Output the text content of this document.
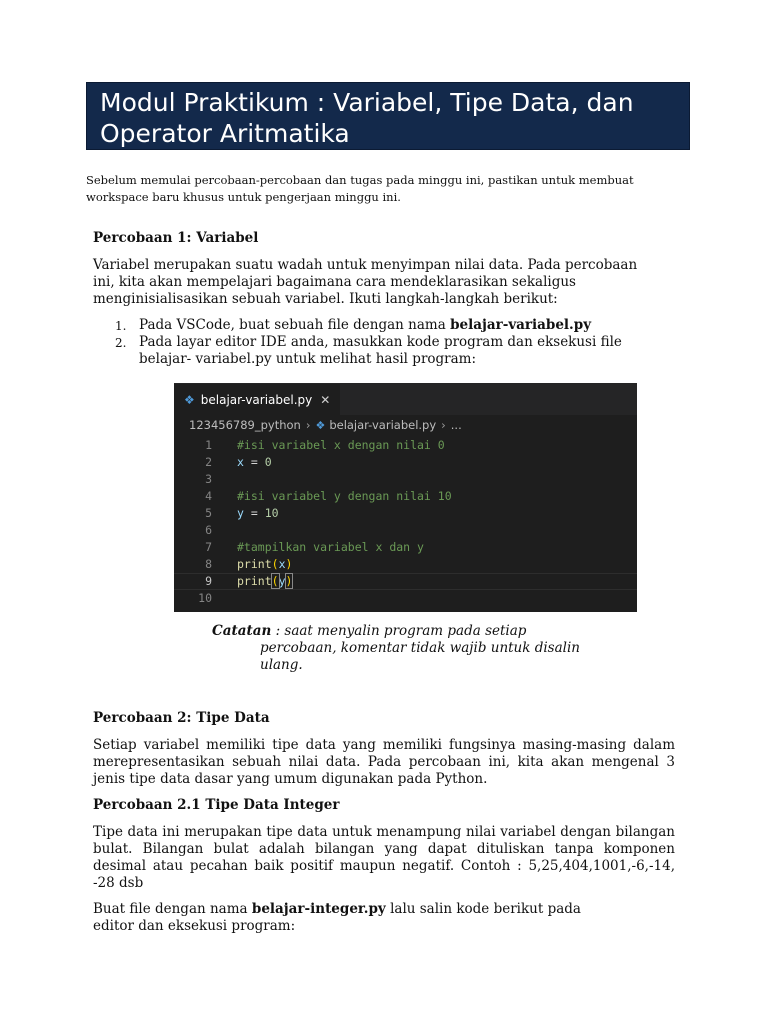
Modul Praktikum : Variabel, Tipe Data, dan Operator Aritmatika
Sebelum memulai percobaan-percobaan dan tugas pada minggu ini, pastikan untuk membuat workspace baru khusus untuk pengerjaan minggu ini.
Percobaan 1: Variabel
Variabel merupakan suatu wadah untuk menyimpan nilai data. Pada percobaan ini, kita akan mempelajari bagaimana cara mendeklarasikan sekaligus menginisialisasikan sebuah variabel. Ikuti langkah-langkah berikut:
1. Pada VSCode, buat sebuah file dengan nama belajar-variabel.py
2. Pada layar editor IDE anda, masukkan kode program dan eksekusi file belajar- variabel.py untuk melihat hasil program:
❖ belajar-variabel.py ✕
123456789_python › ❖ belajar-variabel.py › ...
1 #isi variabel x dengan nilai 0
2 x = 0
3
4 #isi variabel y dengan nilai 10
5 y = 10
6
7 #tampilkan variabel x dan y
8 print(x)
9 print(y)
10
Catatan : saat menyalin program pada setiap
percobaan, komentar tidak wajib untuk disalin ulang.
Percobaan 2: Tipe Data
Setiap variabel memiliki tipe data yang memiliki fungsinya masing-masing dalam merepresentasikan sebuah nilai data. Pada percobaan ini, kita akan mengenal 3 jenis tipe data dasar yang umum digunakan pada Python.
Percobaan 2.1 Tipe Data Integer
Tipe data ini merupakan tipe data untuk menampung nilai variabel dengan bilangan bulat. Bilangan bulat adalah bilangan yang dapat dituliskan tanpa komponen desimal atau pecahan baik positif maupun negatif. Contoh : 5,25,404,1001,-6,-14, -28 dsb
Buat file dengan nama belajar-integer.py lalu salin kode berikut pada editor dan eksekusi program:
